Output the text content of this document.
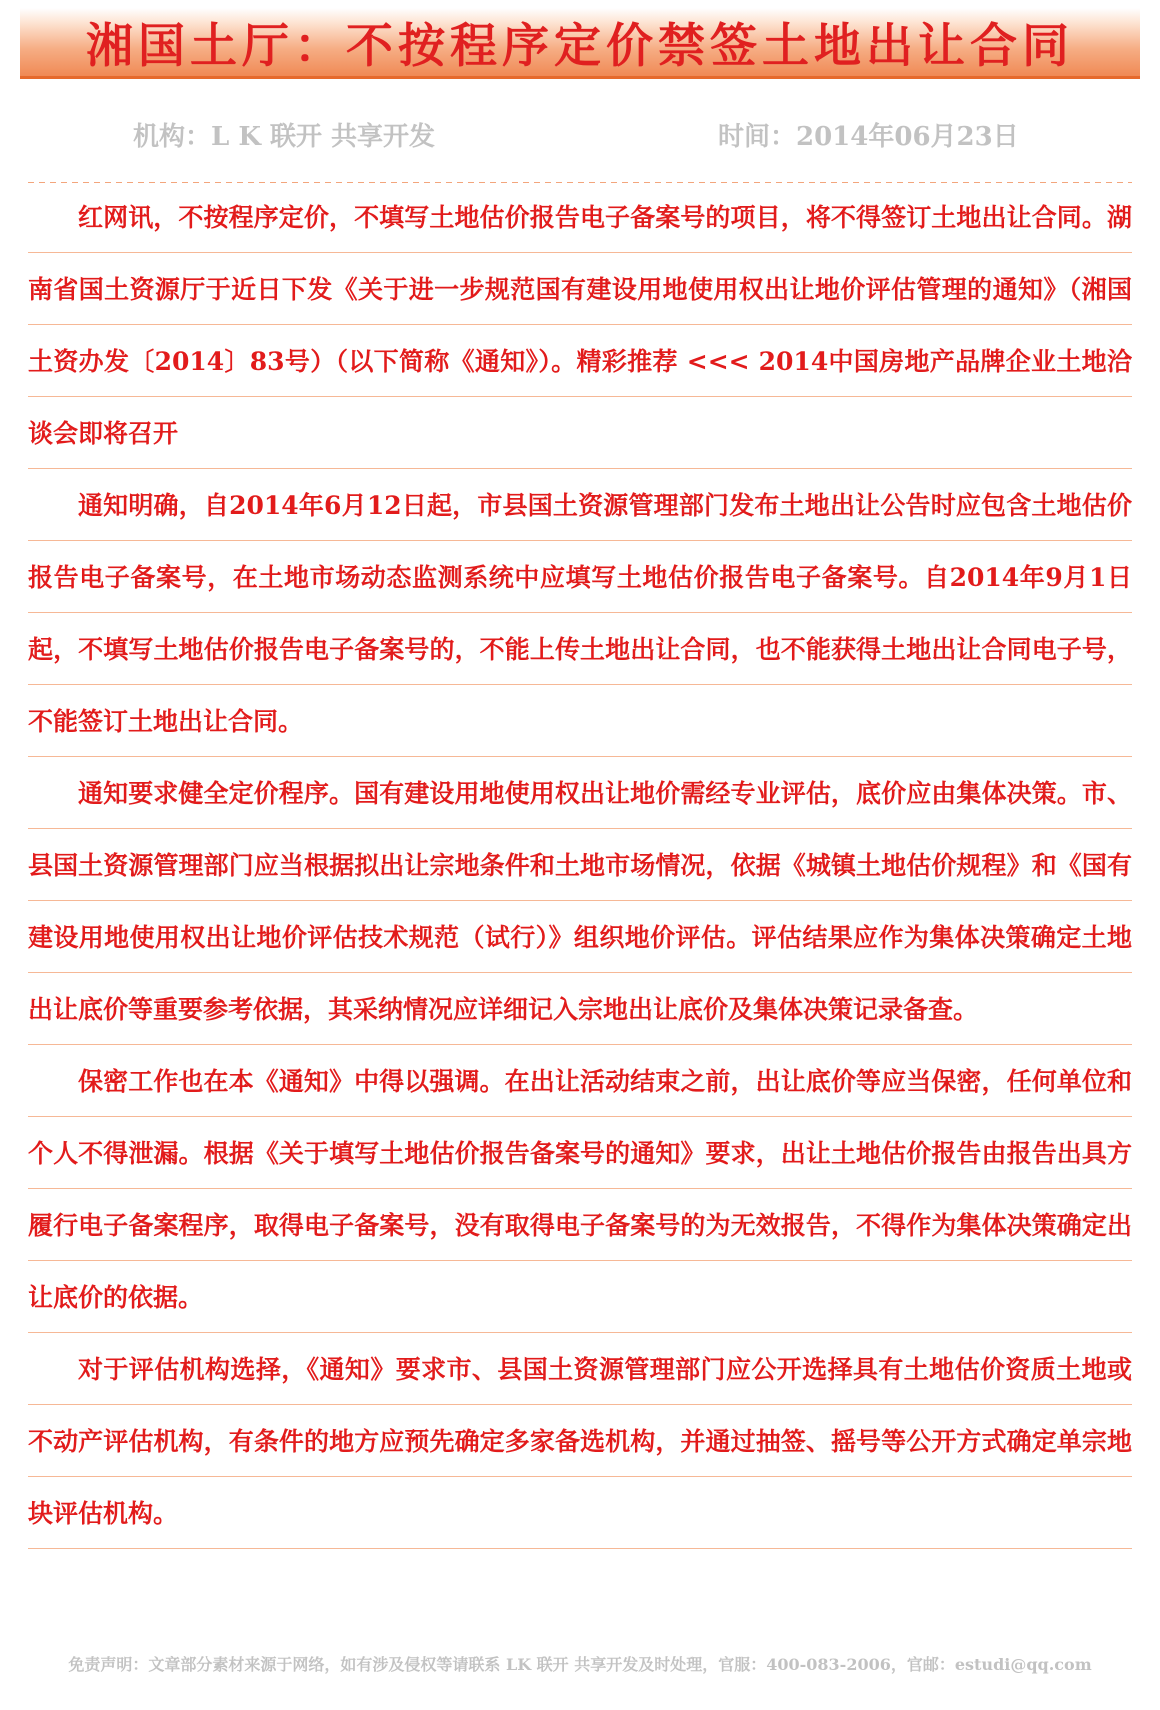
湘国土厅：不按程序定价禁签土地出让合同
机构：L K 联开 共享开发	时间：2014年06月23日

红网讯，不按程序定价，不填写土地估价报告电子备案号的项目，将不得签订土地出让合同。湖南省国土资源厅于近日下发《关于进一步规范国有建设用地使用权出让地价评估管理的通知》（湘国土资办发〔2014〕83号）（以下简称《通知》）。精彩推荐 <<< 2014中国房地产品牌企业土地洽谈会即将召开

通知明确，自2014年6月12日起，市县国土资源管理部门发布土地出让公告时应包含土地估价报告电子备案号，在土地市场动态监测系统中应填写土地估价报告电子备案号。自2014年9月1日起，不填写土地估价报告电子备案号的，不能上传土地出让合同，也不能获得土地出让合同电子号，不能签订土地出让合同。

通知要求健全定价程序。国有建设用地使用权出让地价需经专业评估，底价应由集体决策。市、县国土资源管理部门应当根据拟出让宗地条件和土地市场情况，依据《城镇土地估价规程》和《国有建设用地使用权出让地价评估技术规范（试行）》组织地价评估。评估结果应作为集体决策确定土地出让底价等重要参考依据，其采纳情况应详细记入宗地出让底价及集体决策记录备查。

保密工作也在本《通知》中得以强调。在出让活动结束之前，出让底价等应当保密，任何单位和个人不得泄漏。根据《关于填写土地估价报告备案号的通知》要求，出让土地估价报告由报告出具方履行电子备案程序，取得电子备案号，没有取得电子备案号的为无效报告，不得作为集体决策确定出让底价的依据。

对于评估机构选择，《通知》要求市、县国土资源管理部门应公开选择具有土地估价资质土地或不动产评估机构，有条件的地方应预先确定多家备选机构，并通过抽签、摇号等公开方式确定单宗地块评估机构。

免责声明：文章部分素材来源于网络，如有涉及侵权等请联系 LK 联开 共享开发及时处理，官服：400-083-2006，官邮：estudi@qq.com
